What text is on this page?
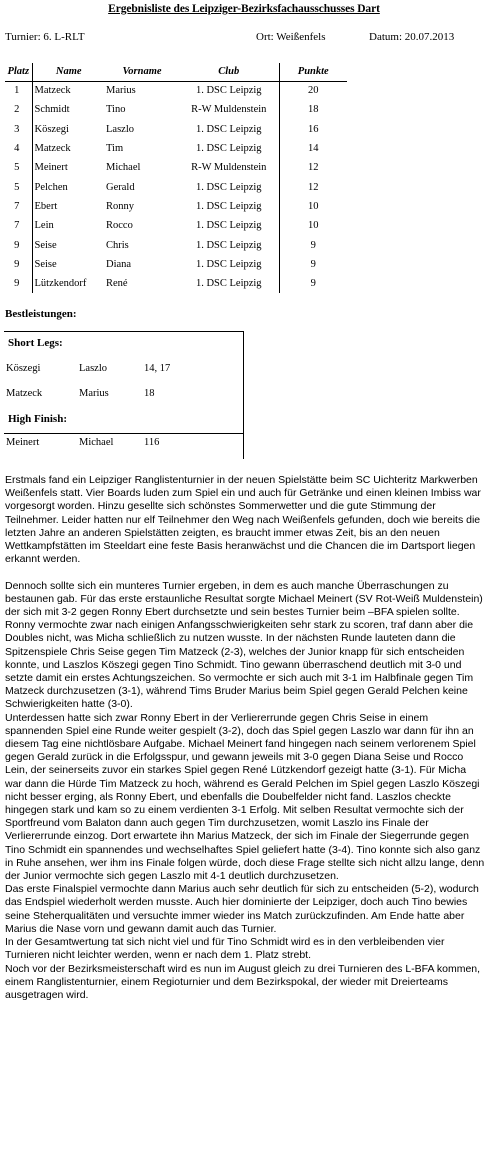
Ergebnisliste des Leipziger-Bezirksfachausschusses Dart
Turnier: 6. L-RLT	Ort: Weißenfels	Datum: 20.07.2013
Platz	Name	Vorname	Club	Punkte
1	Matzeck	Marius	1. DSC Leipzig	20
2	Schmidt	Tino	R-W Muldenstein	18
3	Köszegi	Laszlo	1. DSC Leipzig	16
4	Matzeck	Tim	1. DSC Leipzig	14
5	Meinert	Michael	R-W Muldenstein	12
5	Pelchen	Gerald	1. DSC Leipzig	12
7	Ebert	Ronny	1. DSC Leipzig	10
7	Lein	Rocco	1. DSC Leipzig	10
9	Seise	Chris	1. DSC Leipzig	9
9	Seise	Diana	1. DSC Leipzig	9
9	Lützkendorf	René	1. DSC Leipzig	9
Bestleistungen:
Short Legs:
Köszegi	Laszlo	14, 17
Matzeck	Marius	18
High Finish:
Meinert	Michael	116

Erstmals fand ein Leipziger Ranglistenturnier in der neuen Spielstätte beim SC Uichteritz Markwerben Weißenfels statt. Vier Boards luden zum Spiel ein und auch für Getränke und einen kleinen Imbiss war vorgesorgt worden. Hinzu gesellte sich schönstes Sommerwetter und die gute Stimmung der Teilnehmer. Leider hatten nur elf Teilnehmer den Weg nach Weißenfels gefunden, doch wie bereits die letzten Jahre an anderen Spielstätten zeigten, es braucht immer etwas Zeit, bis an den neuen Wettkampfstätten im Steeldart eine feste Basis heranwächst und die Chancen die im Dartsport liegen erkannt werden.

Dennoch sollte sich ein munteres Turnier ergeben, in dem es auch manche Überraschungen zu bestaunen gab. Für das erste erstaunliche Resultat sorgte Michael Meinert (SV Rot-Weiß Muldenstein) der sich mit 3-2 gegen Ronny Ebert durchsetzte und sein bestes Turnier beim –BFA spielen sollte. Ronny vermochte zwar nach einigen Anfangsschwierigkeiten sehr stark zu scoren, traf dann aber die Doubles nicht, was Micha schließlich zu nutzen wusste. In der nächsten Runde lauteten dann die Spitzenspiele Chris Seise gegen Tim Matzeck (2-3), welches der Junior knapp für sich entscheiden konnte, und Laszlos Köszegi gegen Tino Schmidt. Tino gewann überraschend deutlich mit 3-0 und setzte damit ein erstes Achtungszeichen. So vermochte er sich auch mit 3-1 im Halbfinale gegen Tim Matzeck durchzusetzen (3-1), während Tims Bruder Marius beim Spiel gegen Gerald Pelchen keine Schwierigkeiten hatte (3-0).

Unterdessen hatte sich zwar Ronny Ebert in der Verliererrunde gegen Chris Seise in einem spannenden Spiel eine Runde weiter gespielt (3-2), doch das Spiel gegen Laszlo war dann für ihn an diesem Tag eine nichtlösbare Aufgabe. Michael Meinert fand hingegen nach seinem verlorenem Spiel gegen Gerald zurück in die Erfolgsspur, und gewann jeweils mit 3-0 gegen Diana Seise und Rocco Lein, der seinerseits zuvor ein starkes Spiel gegen René Lützkendorf gezeigt hatte (3-1). Für Micha war dann die Hürde Tim Matzeck zu hoch, während es Gerald Pelchen im Spiel gegen Laszlo Köszegi nicht besser erging, als Ronny Ebert, und ebenfalls die Doubelfelder nicht fand. Laszlos checkte hingegen stark und kam so zu einem verdienten 3-1 Erfolg. Mit selben Resultat vermochte sich der Sportfreund vom Balaton dann auch gegen Tim durchzusetzen, womit Laszlo ins Finale der Verliererrunde einzog. Dort erwartete ihn Marius Matzeck, der sich im Finale der Siegerrunde gegen Tino Schmidt ein spannendes und wechselhaftes Spiel geliefert hatte (3-4). Tino konnte sich also ganz in Ruhe ansehen, wer ihm ins Finale folgen würde, doch diese Frage stellte sich nicht allzu lange, denn der Junior vermochte sich gegen Laszlo mit 4-1 deutlich durchzusetzen.

Das erste Finalspiel vermochte dann Marius auch sehr deutlich für sich zu entscheiden (5-2), wodurch das Endspiel wiederholt werden musste. Auch hier dominierte der Leipziger, doch auch Tino bewies seine Steherqualitäten und versuchte immer wieder ins Match zurückzufinden. Am Ende hatte aber Marius die Nase vorn und gewann damit auch das Turnier.

In der Gesamtwertung tat sich nicht viel und für Tino Schmidt wird es in den verbleibenden vier Turnieren nicht leichter werden, wenn er nach dem 1. Platz strebt.

Noch vor der Bezirksmeisterschaft wird es nun im August gleich zu drei Turnieren des L-BFA kommen, einem Ranglistenturnier, einem Regioturnier und dem Bezirkspokal, der wieder mit Dreierteams ausgetragen wird.
